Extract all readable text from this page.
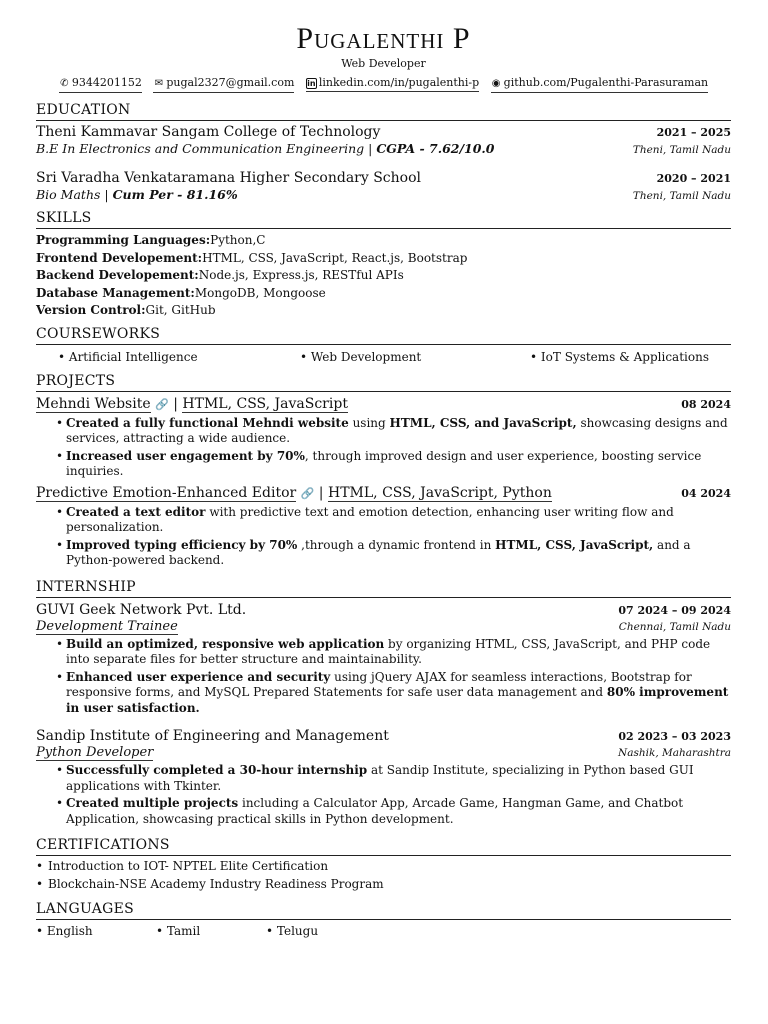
Pugalenthi P
Web Developer
✆ 9344201152 ✉ pugal2327@gmail.com in linkedin.com/in/pugalenthi-p ◉ github.com/Pugalenthi-Parasuraman
EDUCATION
Theni Kammavar Sangam College of Technology	2021 – 2025
B.E In Electronics and Communication Engineering | CGPA - 7.62/10.0	Theni, Tamil Nadu
Sri Varadha Venkataramana Higher Secondary School	2020 – 2021
Bio Maths | Cum Per - 81.16%	Theni, Tamil Nadu
SKILLS
Programming Languages:Python,C
Frontend Developement:HTML, CSS, JavaScript, React.js, Bootstrap
Backend Developement:Node.js, Express.js, RESTful APIs
Database Management:MongoDB, Mongoose
Version Control:Git, GitHub
COURSEWORKS
• Artificial Intelligence	• Web Development	• IoT Systems & Applications
PROJECTS
Mehndi Website 🔗 | HTML, CSS, JavaScript	08 2024
• Created a fully functional Mehndi website using HTML, CSS, and JavaScript, showcasing designs and services, attracting a wide audience.
• Increased user engagement by 70%, through improved design and user experience, boosting service inquiries.
Predictive Emotion-Enhanced Editor 🔗 | HTML, CSS, JavaScript, Python	04 2024
• Created a text editor with predictive text and emotion detection, enhancing user writing flow and personalization.
• Improved typing efficiency by 70% ,through a dynamic frontend in HTML, CSS, JavaScript, and a Python-powered backend.
INTERNSHIP
GUVI Geek Network Pvt. Ltd.	07 2024 – 09 2024
Development Trainee	Chennai, Tamil Nadu
• Build an optimized, responsive web application by organizing HTML, CSS, JavaScript, and PHP code into separate files for better structure and maintainability.
• Enhanced user experience and security using jQuery AJAX for seamless interactions, Bootstrap for responsive forms, and MySQL Prepared Statements for safe user data management and 80% improvement in user satisfaction.
Sandip Institute of Engineering and Management	02 2023 – 03 2023
Python Developer	Nashik, Maharashtra
• Successfully completed a 30-hour internship at Sandip Institute, specializing in Python based GUI applications with Tkinter.
• Created multiple projects including a Calculator App, Arcade Game, Hangman Game, and Chatbot Application, showcasing practical skills in Python development.
CERTIFICATIONS
• Introduction to IOT- NPTEL Elite Certification
• Blockchain-NSE Academy Industry Readiness Program
LANGUAGES
• English	• Tamil	• Telugu
